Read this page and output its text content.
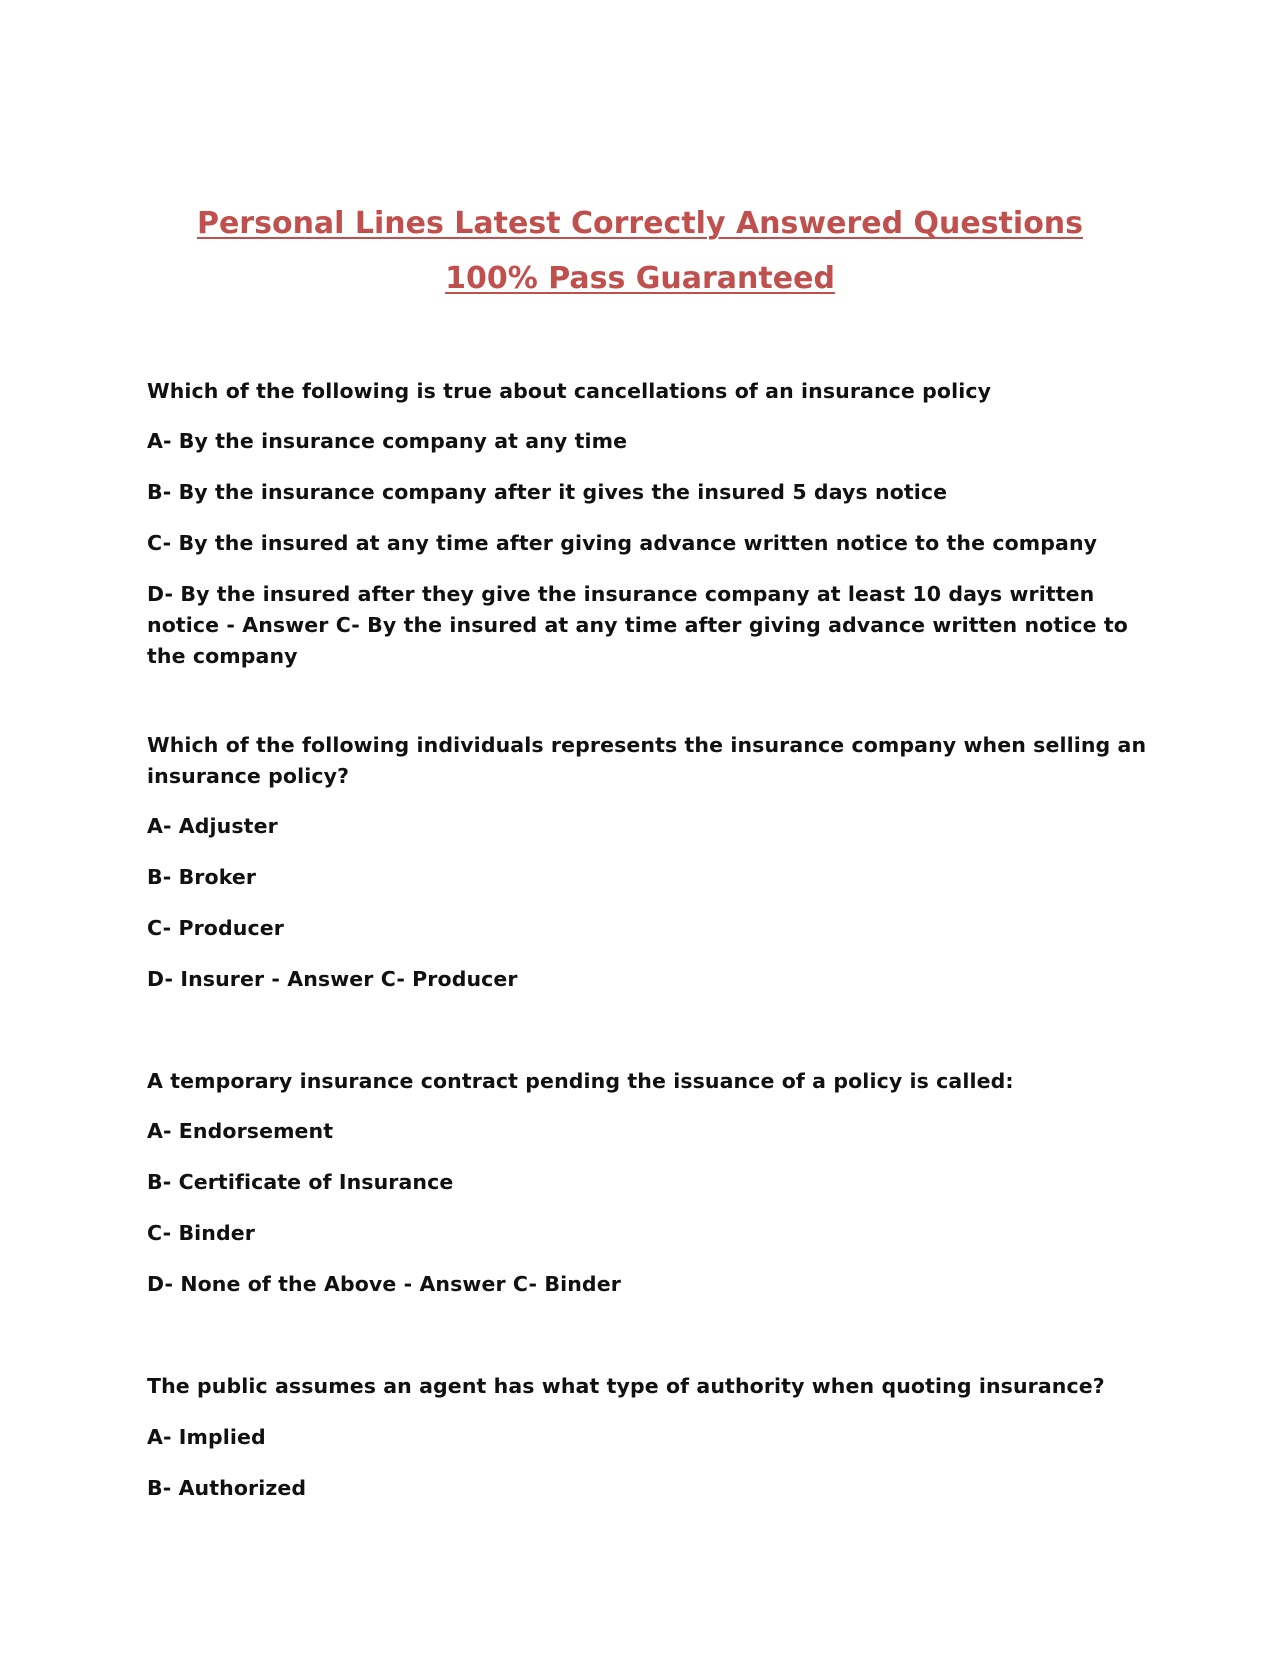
Personal Lines Latest Correctly Answered Questions
100% Pass Guaranteed
Which of the following is true about cancellations of an insurance policy
A- By the insurance company at any time
B- By the insurance company after it gives the insured 5 days notice
C- By the insured at any time after giving advance written notice to the company
D- By the insured after they give the insurance company at least 10 days written notice - Answer C- By the insured at any time after giving advance written notice to the company
Which of the following individuals represents the insurance company when selling an insurance policy?
A- Adjuster
B- Broker
C- Producer
D- Insurer - Answer C- Producer
A temporary insurance contract pending the issuance of a policy is called:
A- Endorsement
B- Certificate of Insurance
C- Binder
D- None of the Above - Answer C- Binder
The public assumes an agent has what type of authority when quoting insurance?
A- Implied
B- Authorized
